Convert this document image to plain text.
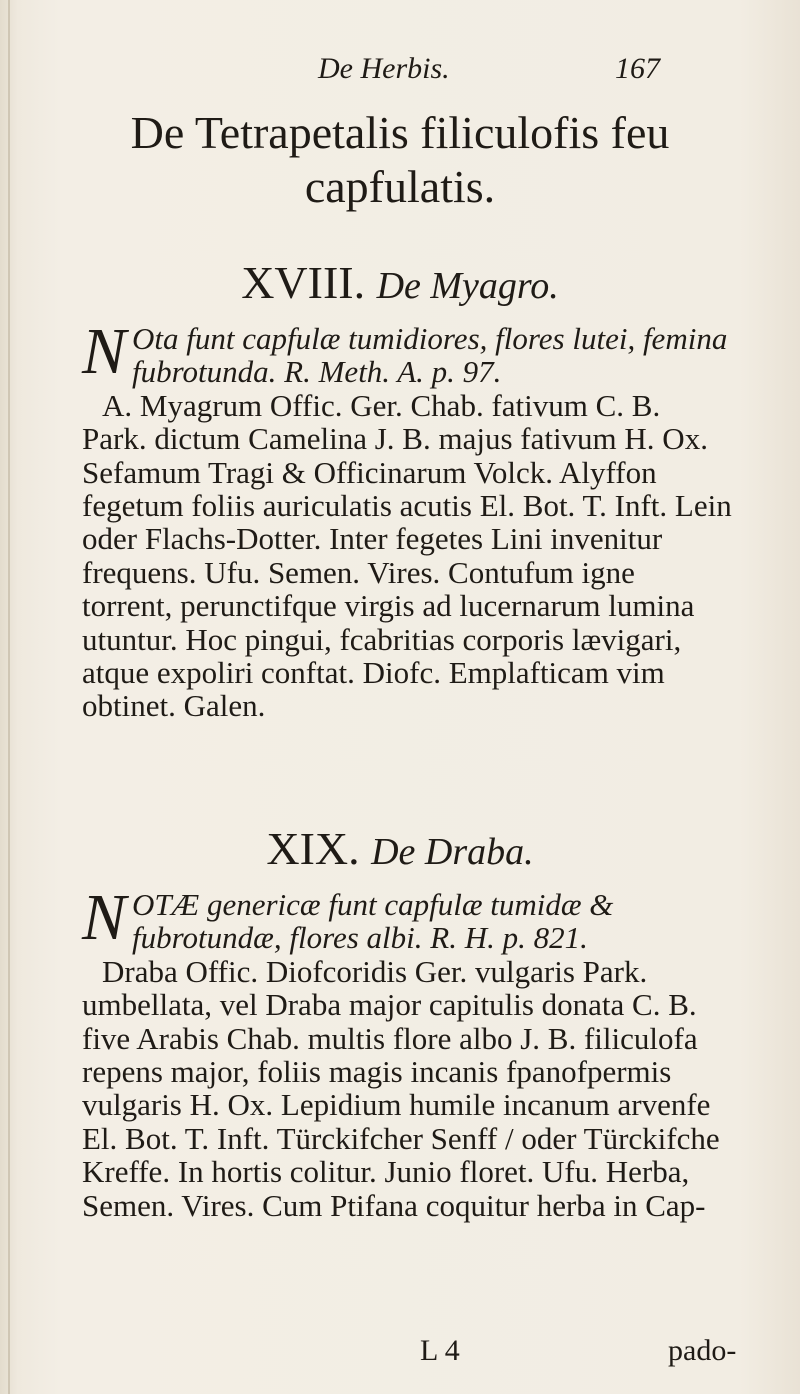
De Herbis.	167
De Tetrapetalis filiculofis feu
capfulatis.
XVIII. De Myagro.

N Ota funt capfulæ tumidiores, flores lutei, femina fubrotunda. R. Meth. A. p. 97.

A. Myagrum Offic. Ger. Chab. fativum C. B. Park. dictum Camelina J. B. majus fativum H. Ox. Sefamum Tragi & Officinarum Volck. Alyffon fegetum foliis auriculatis acutis El. Bot. T. Inft. Lein oder Flachs-Dotter. Inter fegetes Lini invenitur frequens. Ufu. Semen. Vires. Contufum igne torrent, perunctifque virgis ad lucernarum lumina utuntur. Hoc pingui, fcabritias corporis lævigari, atque expoliri conftat. Diofc. Emplafticam vim obtinet. Galen.

XIX. De Draba.

NOTÆ genericæ funt capfulæ tumidæ & fubrotundæ, flores albi. R. H. p. 821.

Draba Offic. Diofcoridis Ger. vulgaris Park. umbellata, vel Draba major capitulis donata C. B. five Arabis Chab. multis flore albo J. B. filiculofa repens major, foliis magis incanis fpanofpermis vulgaris H. Ox. Lepidium humile incanum arvenfe El. Bot. T. Inft. Türckifcher Senff / oder Türckifche Kreffe. In hortis colitur. Junio floret. Ufu. Herba, Semen. Vires. Cum Ptifana coquitur herba in Cap-

L 4	pado-
